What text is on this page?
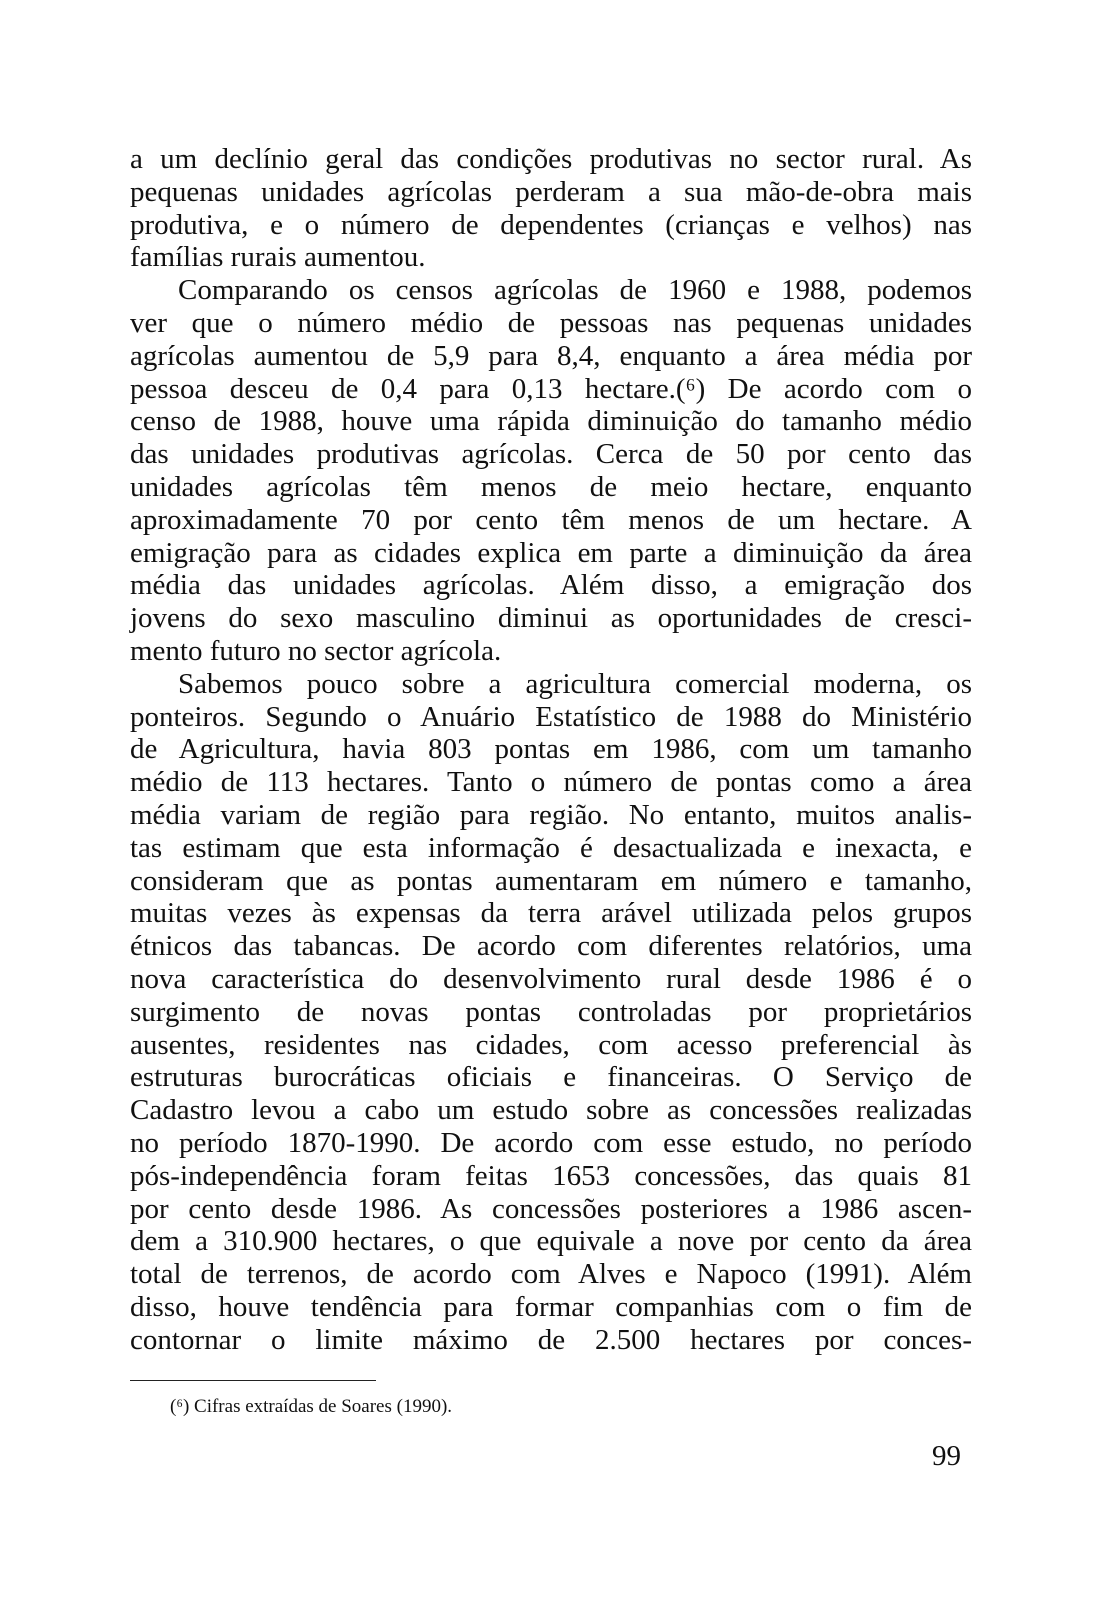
a um declínio geral das condições produtivas no sector rural. As
pequenas unidades agrícolas perderam a sua mão-de-obra mais
produtiva, e o número de dependentes (crianças e velhos) nas
famílias rurais aumentou.
Comparando os censos agrícolas de 1960 e 1988, podemos
ver que o número médio de pessoas nas pequenas unidades
agrícolas aumentou de 5,9 para 8,4, enquanto a área média por
pessoa desceu de 0,4 para 0,13 hectare.(⁶) De acordo com o
censo de 1988, houve uma rápida diminuição do tamanho médio
das unidades produtivas agrícolas. Cerca de 50 por cento das
unidades agrícolas têm menos de meio hectare, enquanto
aproximadamente 70 por cento têm menos de um hectare. A
emigração para as cidades explica em parte a diminuição da área
média das unidades agrícolas. Além disso, a emigração dos
jovens do sexo masculino diminui as oportunidades de cresci-
mento futuro no sector agrícola.
Sabemos pouco sobre a agricultura comercial moderna, os
ponteiros. Segundo o Anuário Estatístico de 1988 do Ministério
de Agricultura, havia 803 pontas em 1986, com um tamanho
médio de 113 hectares. Tanto o número de pontas como a área
média variam de região para região. No entanto, muitos analis-
tas estimam que esta informação é desactualizada e inexacta, e
consideram que as pontas aumentaram em número e tamanho,
muitas vezes às expensas da terra arável utilizada pelos grupos
étnicos das tabancas. De acordo com diferentes relatórios, uma
nova característica do desenvolvimento rural desde 1986 é o
surgimento de novas pontas controladas por proprietários
ausentes, residentes nas cidades, com acesso preferencial às
estruturas burocráticas oficiais e financeiras. O Serviço de
Cadastro levou a cabo um estudo sobre as concessões realizadas
no período 1870-1990. De acordo com esse estudo, no período
pós-independência foram feitas 1653 concessões, das quais 81
por cento desde 1986. As concessões posteriores a 1986 ascen-
dem a 310.900 hectares, o que equivale a nove por cento da área
total de terrenos, de acordo com Alves e Napoco (1991). Além
disso, houve tendência para formar companhias com o fim de
contornar o limite máximo de 2.500 hectares por conces-
(⁶) Cifras extraídas de Soares (1990).
99
